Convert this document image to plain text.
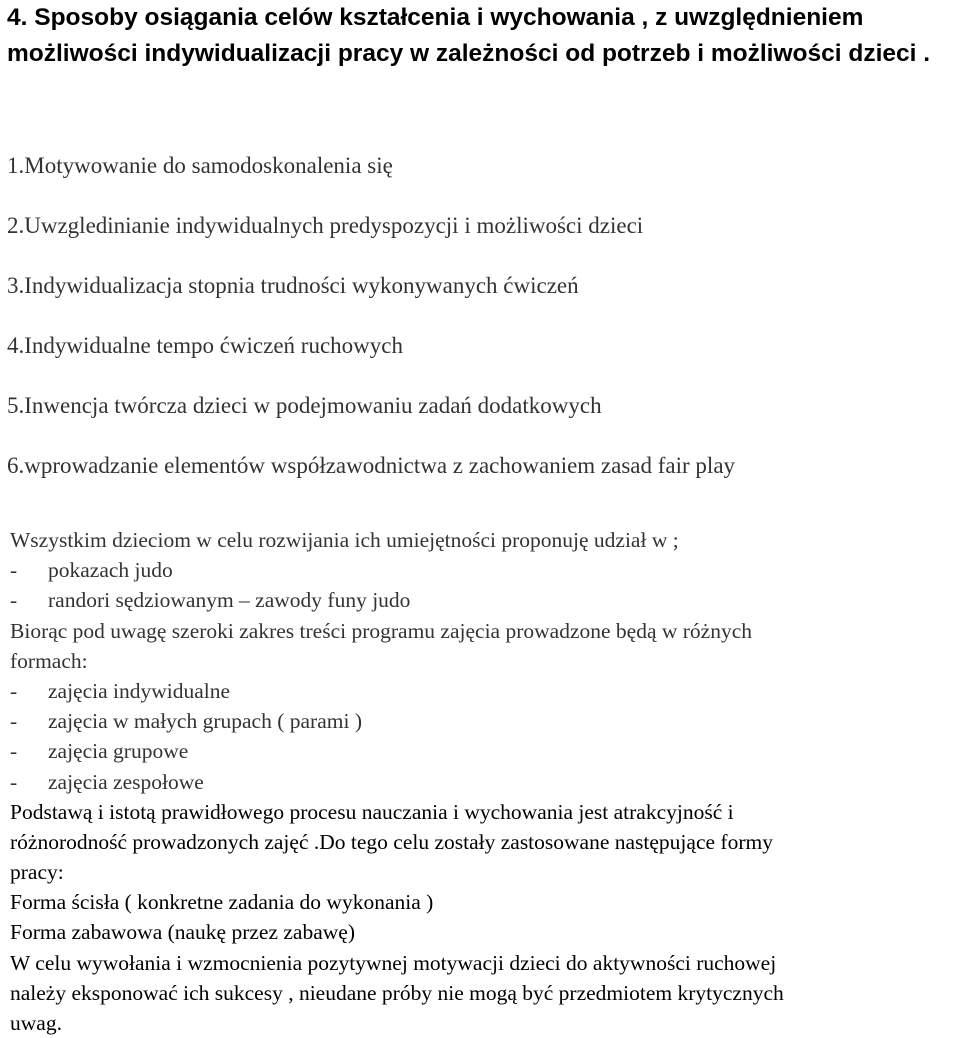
4. Sposoby osiągania celów kształcenia i wychowania , z uwzględnieniem możliwości indywidualizacji pracy w zależności od potrzeb i możliwości dzieci .
1.Motywowanie do samodoskonalenia się
2.Uwzgledinianie indywidualnych predyspozycji i możliwości dzieci
3.Indywidualizacja stopnia trudności wykonywanych ćwiczeń
4.Indywidualne tempo ćwiczeń ruchowych
5.Inwencja twórcza dzieci w podejmowaniu zadań dodatkowych
6.wprowadzanie elementów współzawodnictwa z zachowaniem zasad fair play
Wszystkim dzieciom w celu rozwijania ich umiejętności proponuję udział w ;
- pokazach judo
- randori sędziowanym – zawody funy judo
Biorąc pod uwagę szeroki zakres treści programu zajęcia prowadzone będą w różnych
formach:
- zajęcia indywidualne
- zajęcia w małych grupach ( parami )
- zajęcia grupowe
- zajęcia zespołowe
Podstawą i istotą prawidłowego procesu nauczania i wychowania jest atrakcyjność i
różnorodność prowadzonych zajęć .Do tego celu zostały zastosowane następujące formy
pracy:
Forma ścisła ( konkretne zadania do wykonania )
Forma zabawowa (naukę przez zabawę)
W celu wywołania i wzmocnienia pozytywnej motywacji dzieci do aktywności ruchowej
należy eksponować ich sukcesy , nieudane próby nie mogą być przedmiotem krytycznych
uwag.
